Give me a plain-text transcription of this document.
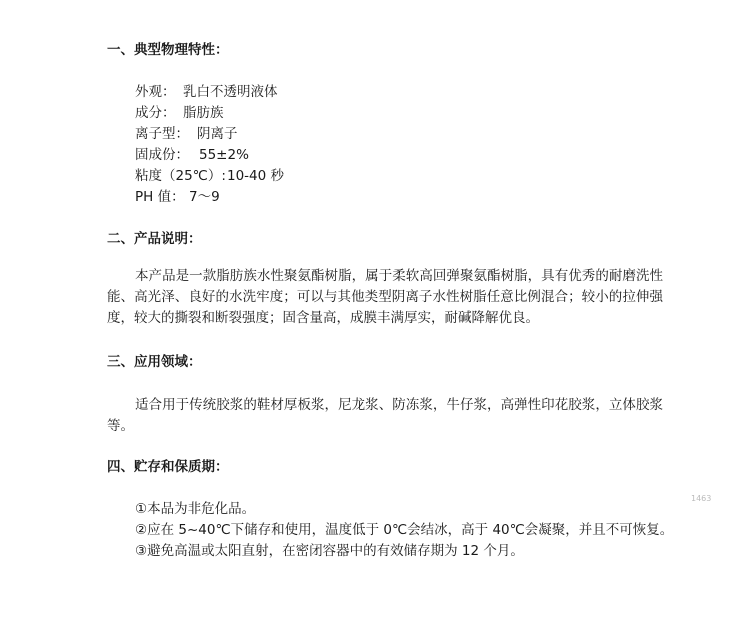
一、典型物理特性：
外观： 乳白不透明液体
成分： 脂肪族
离子型： 阴离子
固成份： 55±2%
粘度（25℃）:10-40 秒
PH 值： 7～9
二、产品说明：
本产品是一款脂肪族水性聚氨酯树脂，属于柔软高回弹聚氨酯树脂，具有优秀的耐磨洗性能、高光泽、良好的水洗牢度；可以与其他类型阴离子水性树脂任意比例混合；较小的拉伸强度，较大的撕裂和断裂强度；固含量高，成膜丰满厚实，耐碱降解优良。
三、应用领域：
适合用于传统胶浆的鞋材厚板浆，尼龙浆、防冻浆，牛仔浆，高弹性印花胶浆，立体胶浆等。
四、贮存和保质期：
①本品为非危化品。
②应在 5~40℃下储存和使用，温度低于 0℃会结冰，高于 40℃会凝聚，并且不可恢复。
③避免高温或太阳直射，在密闭容器中的有效储存期为 12 个月。
1463
